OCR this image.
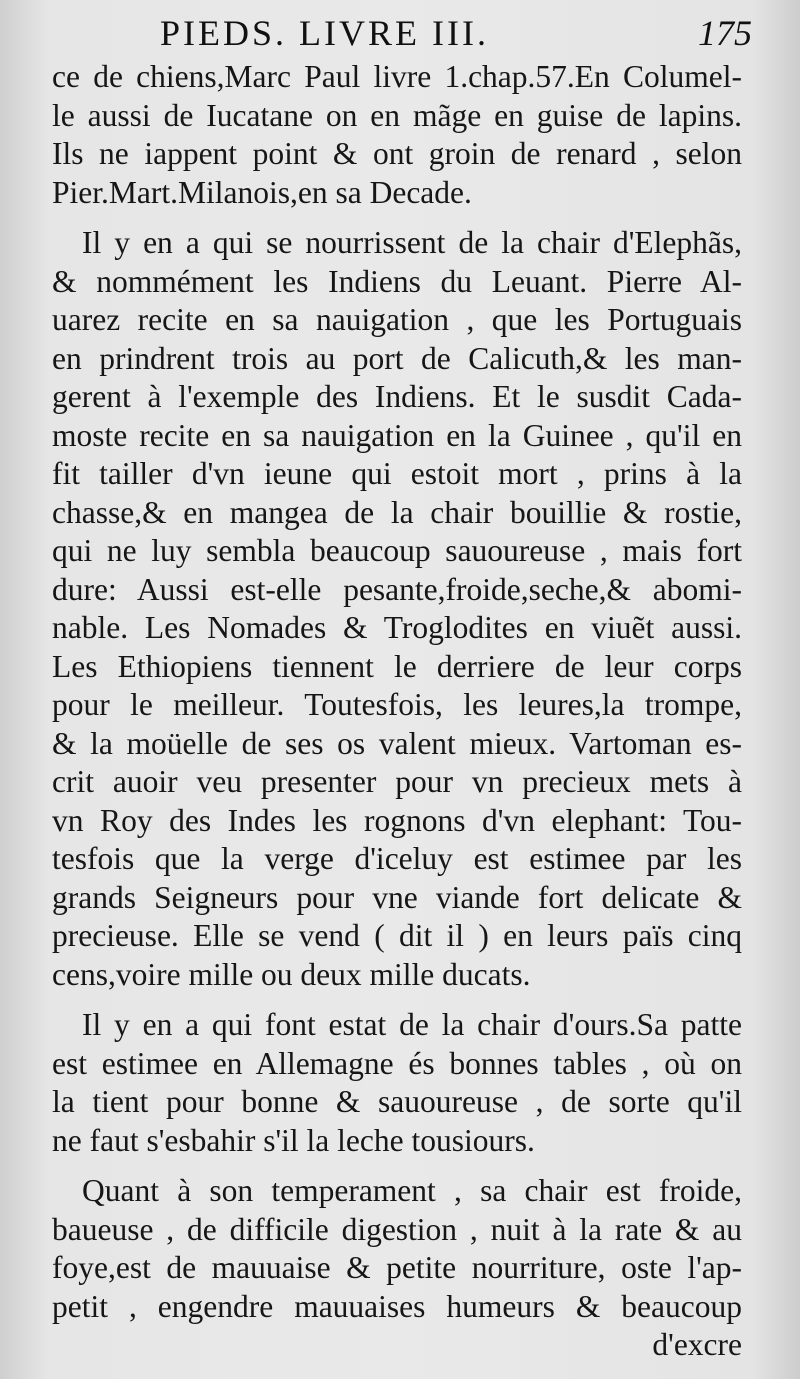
PIEDS. LIVRE III.	175
ce de chiens,Marc Paul livre 1.chap.57.En Columel-
le aussi de Iucatane on en mãge en guise de lapins.
Ils ne iappent point & ont groin de renard , selon
Pier.Mart.Milanois,en sa Decade.
Il y en a qui se nourrissent de la chair d'Elephãs,
& nommément les Indiens du Leuant. Pierre Al-
uarez recite en sa nauigation , que les Portuguais
en prindrent trois au port de Calicuth,& les man-
gerent à l'exemple des Indiens. Et le susdit Cada-
moste recite en sa nauigation en la Guinee , qu'il en
fit tailler d'vn ieune qui estoit mort , prins à la
chasse,& en mangea de la chair bouillie & rostie,
qui ne luy sembla beaucoup sauoureuse , mais fort
dure: Aussi est-elle pesante,froide,seche,& abomi-
nable. Les Nomades & Troglodites en viuẽt aussi.
Les Ethiopiens tiennent le derriere de leur corps
pour le meilleur. Toutesfois, les leures,la trompe,
& la moüelle de ses os valent mieux. Vartoman es-
crit auoir veu presenter pour vn precieux mets à
vn Roy des Indes les rognons d'vn elephant: Tou-
tesfois que la verge d'iceluy est estimee par les
grands Seigneurs pour vne viande fort delicate &
precieuse. Elle se vend ( dit il ) en leurs païs cinq
cens,voire mille ou deux mille ducats.
Il y en a qui font estat de la chair d'ours.Sa patte
est estimee en Allemagne és bonnes tables , où on
la tient pour bonne & sauoureuse , de sorte qu'il
ne faut s'esbahir s'il la leche tousiours.
Quant à son temperament , sa chair est froide,
baueuse , de difficile digestion , nuit à la rate & au
foye,est de mauuaise & petite nourriture, oste l'ap-
petit , engendre mauuaises humeurs & beaucoup
d'excre
